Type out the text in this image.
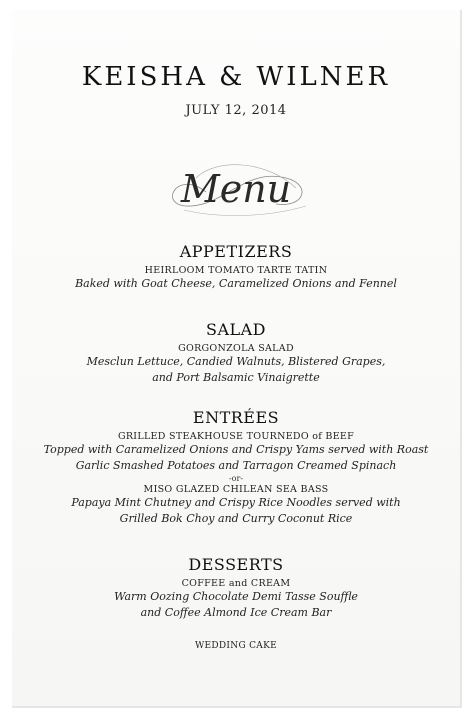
KEISHA & WILNER
JULY 12, 2014
Menu
APPETIZERS
HEIRLOOM TOMATO TARTE TATIN
Baked with Goat Cheese, Caramelized Onions and Fennel
SALAD
GORGONZOLA SALAD
Mesclun Lettuce, Candied Walnuts, Blistered Grapes,
and Port Balsamic Vinaigrette
ENTRÉES
GRILLED STEAKHOUSE TOURNEDO of BEEF
Topped with Caramelized Onions and Crispy Yams served with Roast
Garlic Smashed Potatoes and Tarragon Creamed Spinach
-or-
MISO GLAZED CHILEAN SEA BASS
Papaya Mint Chutney and Crispy Rice Noodles served with
Grilled Bok Choy and Curry Coconut Rice
DESSERTS
COFFEE and CREAM
Warm Oozing Chocolate Demi Tasse Souffle
and Coffee Almond Ice Cream Bar
WEDDING CAKE
